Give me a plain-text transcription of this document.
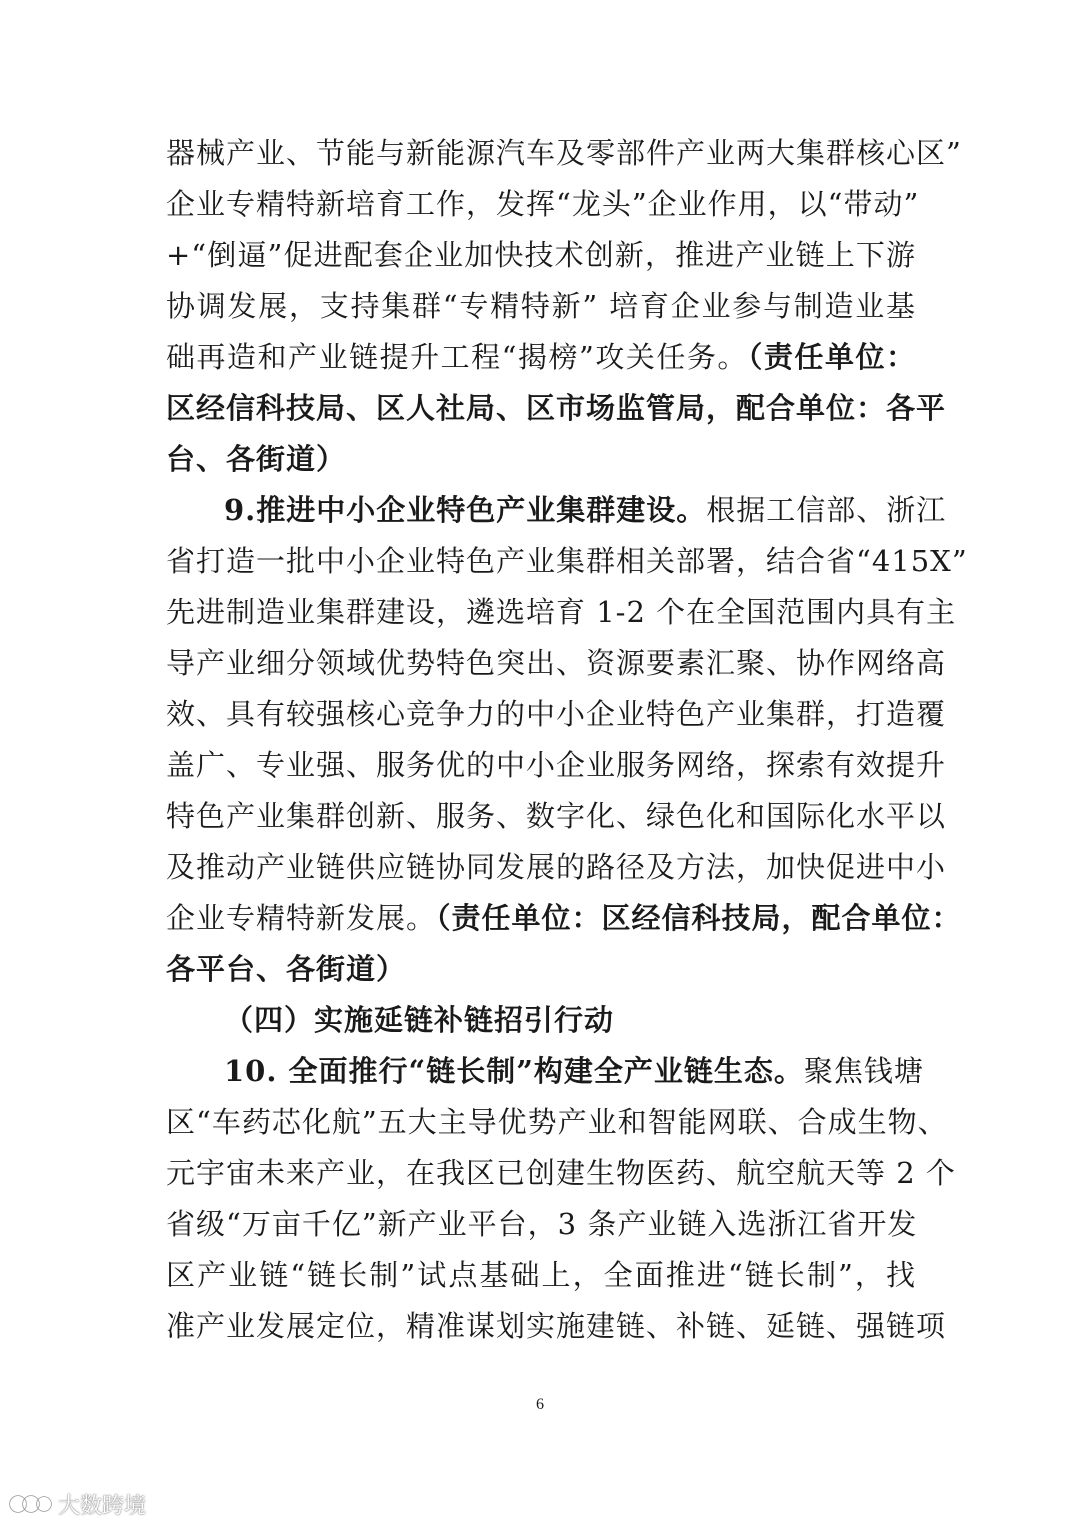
器械产业、节能与新能源汽车及零部件产业两大集群核心区”
企业专精特新培育工作，发挥“龙头”企业作用，以“带动”
+“倒逼”促进配套企业加快技术创新，推进产业链上下游
协调发展，支持集群“专精特新” 培育企业参与制造业基
础再造和产业链提升工程“揭榜”攻关任务。（责任单位：
区经信科技局、区人社局、区市场监管局，配合单位：各平
台、各街道）
9.推进中小企业特色产业集群建设。根据工信部、浙江
省打造一批中小企业特色产业集群相关部署，结合省“415X”
先进制造业集群建设，遴选培育 1-2 个在全国范围内具有主
导产业细分领域优势特色突出、资源要素汇聚、协作网络高
效、具有较强核心竞争力的中小企业特色产业集群，打造覆
盖广、专业强、服务优的中小企业服务网络，探索有效提升
特色产业集群创新、服务、数字化、绿色化和国际化水平以
及推动产业链供应链协同发展的路径及方法，加快促进中小
企业专精特新发展。（责任单位：区经信科技局，配合单位：
各平台、各街道）
（四）实施延链补链招引行动
10. 全面推行“链长制”构建全产业链生态。聚焦钱塘
区“车药芯化航”五大主导优势产业和智能网联、合成生物、
元宇宙未来产业，在我区已创建生物医药、航空航天等 2 个
省级“万亩千亿”新产业平台，3 条产业链入选浙江省开发
区产业链“链长制”试点基础上，全面推进“链长制”，找
准产业发展定位，精准谋划实施建链、补链、延链、强链项
6
大数跨境
